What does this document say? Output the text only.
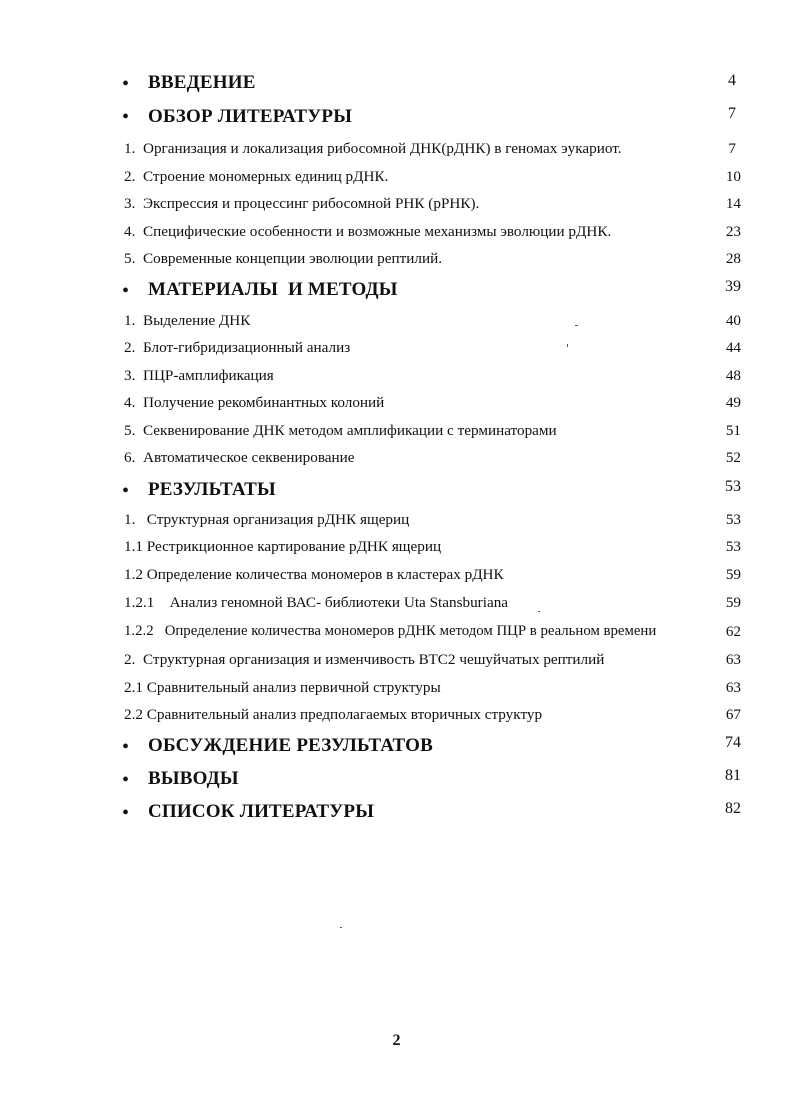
• ВВЕДЕНИЕ	4
• ОБЗОР ЛИТЕРАТУРЫ	7
1.  Организация и локализация рибосомной ДНК(рДНК) в геномах эукариот.	7
2.  Строение мономерных единиц рДНК.	10
3.  Экспрессия и процессинг рибосомной РНК (рРНК).	14
4.  Специфические особенности и возможные механизмы эволюции рДНК.	23
5.  Современные концепции эволюции рептилий.	28
• МАТЕРИАЛЫ  И МЕТОДЫ	39
1.  Выделение ДНК	40
2.  Блот-гибридизационный анализ	44
3.  ПЦР-амплификация	48
4.  Получение рекомбинантных колоний	49
5.  Секвенирование ДНК методом амплификации с терминаторами	51
6.  Автоматическое секвенирование	52
• РЕЗУЛЬТАТЫ	53
1.   Структурная организация рДНК ящериц	53
1.1 Рестрикционное картирование рДНК ящериц	53
1.2 Определение количества мономеров в кластерах рДНК	59
1.2.1    Анализ геномной ВАС- библиотеки Uta Stansburiana	59
1.2.2   Определение количества мономеров рДНК методом ПЦР в реальном времени	62
2.  Структурная организация и изменчивость ВТС2 чешуйчатых рептилий	63
2.1 Сравнительный анализ первичной структуры	63
2.2 Сравнительный анализ предполагаемых вторичных структур	67
• ОБСУЖДЕНИЕ РЕЗУЛЬТАТОВ	74
• ВЫВОДЫ	81
• СПИСОК ЛИТЕРАТУРЫ	82
2
